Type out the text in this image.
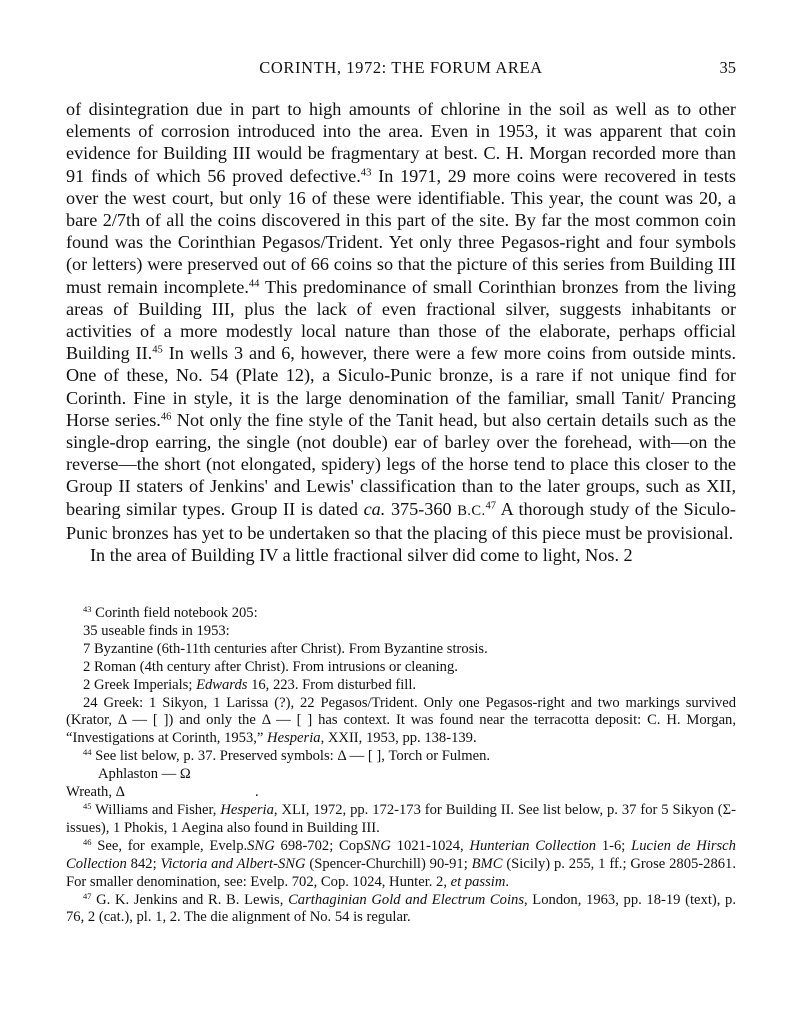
CORINTH, 1972: THE FORUM AREA	35

of disintegration due in part to high amounts of chlorine in the soil as well as to other elements of corrosion introduced into the area. Even in 1953, it was apparent that coin evidence for Building III would be fragmentary at best. C. H. Morgan recorded more than 91 finds of which 56 proved defective.$^{43}$ In 1971, 29 more coins were recovered in tests over the west court, but only 16 of these were identifiable. This year, the count was 20, a bare 2/7th of all the coins discovered in this part of the site. By far the most common coin found was the Corinthian Pegasos/Trident. Yet only three Pegasos-right and four symbols (or letters) were preserved out of 66 coins so that the picture of this series from Building III must remain incomplete.$^{44}$ This predominance of small Corinthian bronzes from the living areas of Building III, plus the lack of even fractional silver, suggests inhabitants or activities of a more modestly local nature than those of the elaborate, perhaps official Building II.$^{45}$ In wells 3 and 6, however, there were a few more coins from outside mints. One of these, No. 54 (Plate 12), a Siculo-Punic bronze, is a rare if not unique find for Corinth. Fine in style, it is the large denomination of the familiar, small Tanit/ Prancing Horse series.$^{46}$ Not only the fine style of the Tanit head, but also certain details such as the single-drop earring, the single (not double) ear of barley over the forehead, with—on the reverse—the short (not elongated, spidery) legs of the horse tend to place this closer to the Group II staters of Jenkins' and Lewis' classification than to the later groups, such as XII, bearing similar types. Group II is dated ca. 375-360 B.C.$^{47}$ A thorough study of the Siculo-Punic bronzes has yet to be undertaken so that the placing of this piece must be provisional.

In the area of Building IV a little fractional silver did come to light, Nos. 2

$^{43}$ Corinth field notebook 205:
35 useable finds in 1953:
7 Byzantine (6th-11th centuries after Christ). From Byzantine strosis.
2 Roman (4th century after Christ). From intrusions or cleaning.
2 Greek Imperials; Edwards 16, 223. From disturbed fill.
24 Greek: 1 Sikyon, 1 Larissa (?), 22 Pegasos/Trident. Only one Pegasos-right and two markings survived (Krator, Δ — [ ]) and only the Δ — [ ] has context. It was found near the terracotta deposit: C. H. Morgan, “Investigations at Corinth, 1953,” Hesperia, XXII, 1953, pp. 138-139.
$^{44}$ See list below, p. 37. Preserved symbols: Δ — [ ], Torch or Fulmen.
Aphlaston — Ω
Wreath, Δ	.
$^{45}$ Williams and Fisher, Hesperia, XLI, 1972, pp. 172-173 for Building II. See list below, p. 37 for 5 Sikyon (Σ-issues), 1 Phokis, 1 Aegina also found in Building III.
$^{46}$ See, for example, Evelp.SNG 698-702; CopSNG 1021-1024, Hunterian Collection 1-6; Lucien de Hirsch Collection 842; Victoria and Albert-SNG (Spencer-Churchill) 90-91; BMC (Sicily) p. 255, 1 ff.; Grose 2805-2861. For smaller denomination, see: Evelp. 702, Cop. 1024, Hunter. 2, et passim.
$^{47}$ G. K. Jenkins and R. B. Lewis, Carthaginian Gold and Electrum Coins, London, 1963, pp. 18-19 (text), p. 76, 2 (cat.), pl. 1, 2. The die alignment of No. 54 is regular.
